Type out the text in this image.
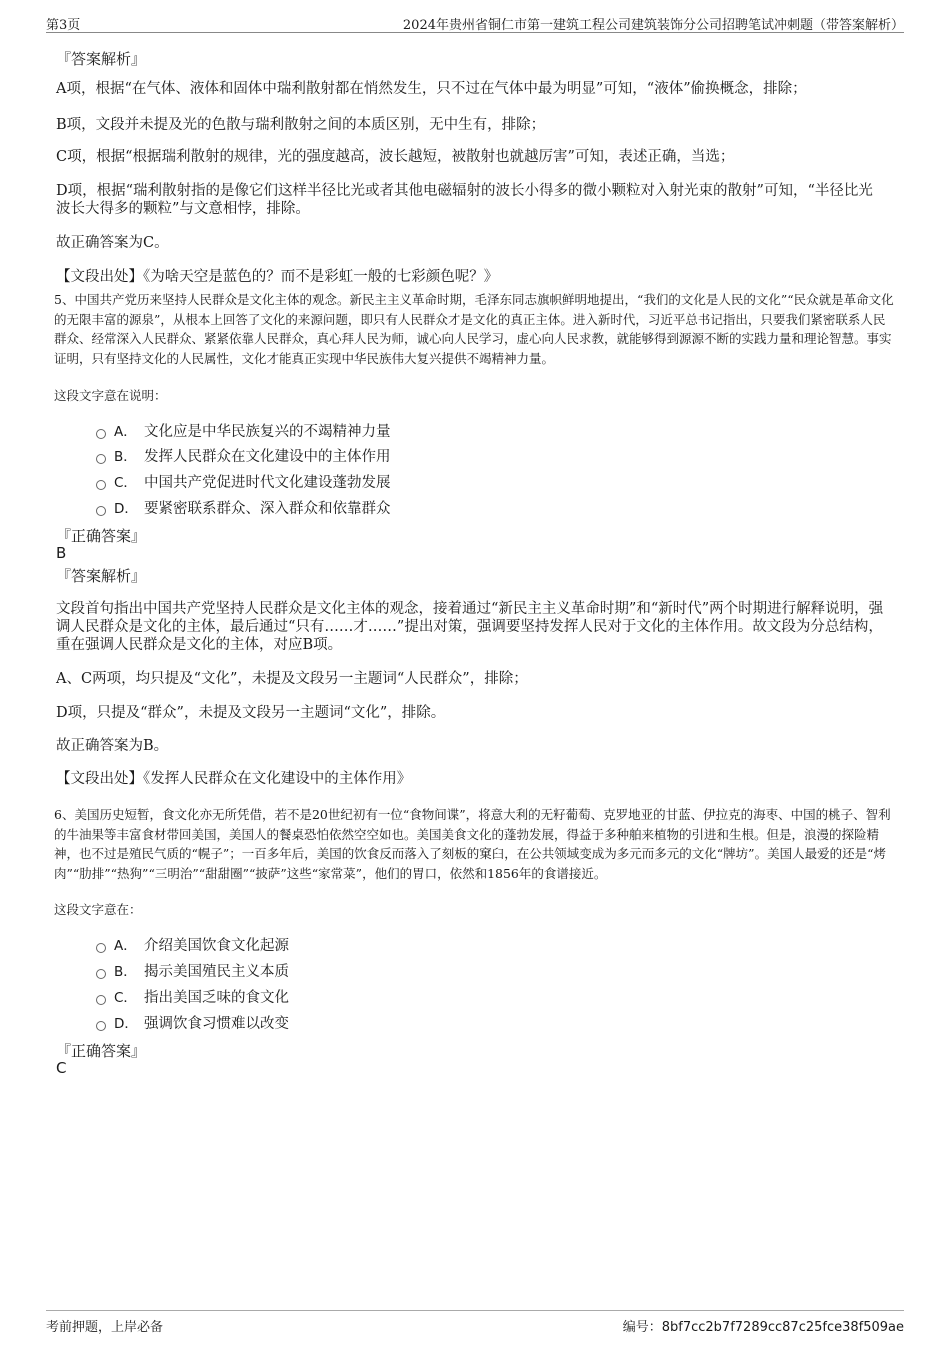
第3页	2024年贵州省铜仁市第一建筑工程公司建筑装饰分公司招聘笔试冲刺题（带答案解析）
『答案解析』

A项，根据“在气体、液体和固体中瑞利散射都在悄然发生，只不过在气体中最为明显”可知，“液体”偷换概念，排除；

B项，文段并未提及光的色散与瑞利散射之间的本质区别，无中生有，排除；

C项，根据“根据瑞利散射的规律，光的强度越高，波长越短，被散射也就越厉害”可知，表述正确，当选；

D项，根据“瑞利散射指的是像它们这样半径比光或者其他电磁辐射的波长小得多的微小颗粒对入射光束的散射”可知，“半径比光波长大得多的颗粒”与文意相悖，排除。

故正确答案为C。

【文段出处】《为啥天空是蓝色的？而不是彩虹一般的七彩颜色呢？》

5、中国共产党历来坚持人民群众是文化主体的观念。新民主主义革命时期，毛泽东同志旗帜鲜明地提出，“我们的文化是人民的文化”“民众就是革命文化的无限丰富的源泉”，从根本上回答了文化的来源问题，即只有人民群众才是文化的真正主体。进入新时代，习近平总书记指出，只要我们紧密联系人民群众、经常深入人民群众、紧紧依靠人民群众，真心拜人民为师，诚心向人民学习，虚心向人民求教，就能够得到源源不断的实践力量和理论智慧。事实证明，只有坚持文化的人民属性，文化才能真正实现中华民族伟大复兴提供不竭精神力量。

这段文字意在说明：
A． 文化应是中华民族复兴的不竭精神力量
B． 发挥人民群众在文化建设中的主体作用
C． 中国共产党促进时代文化建设蓬勃发展
D． 要紧密联系群众、深入群众和依靠群众
『正确答案』
B
『答案解析』

文段首句指出中国共产党坚持人民群众是文化主体的观念，接着通过“新民主主义革命时期”和“新时代”两个时期进行解释说明，强调人民群众是文化的主体，最后通过“只有……才……”提出对策，强调要坚持发挥人民对于文化的主体作用。故文段为分总结构，重在强调人民群众是文化的主体，对应B项。

A、C两项，均只提及“文化”，未提及文段另一主题词“人民群众”，排除；

D项，只提及“群众”，未提及文段另一主题词“文化”，排除。

故正确答案为B。

【文段出处】《发挥人民群众在文化建设中的主体作用》

6、美国历史短暂，食文化亦无所凭借，若不是20世纪初有一位“食物间谍”，将意大利的无籽葡萄、克罗地亚的甘蓝、伊拉克的海枣、中国的桃子、智利的牛油果等丰富食材带回美国，美国人的餐桌恐怕依然空空如也。美国美食文化的蓬勃发展，得益于多种舶来植物的引进和生根。但是，浪漫的探险精神，也不过是殖民气质的“幌子”；一百多年后，美国的饮食反而落入了刻板的窠臼，在公共领域变成为多元而多元的文化“牌坊”。美国人最爱的还是“烤肉”“肋排”“热狗”“三明治”“甜甜圈”“披萨”这些“家常菜”，他们的胃口，依然和1856年的食谱接近。

这段文字意在：
A． 介绍美国饮食文化起源
B． 揭示美国殖民主义本质
C． 指出美国乏味的食文化
D． 强调饮食习惯难以改变
『正确答案』
C
考前押题，上岸必备	编号：8bf7cc2b7f7289cc87c25fce38f509ae
